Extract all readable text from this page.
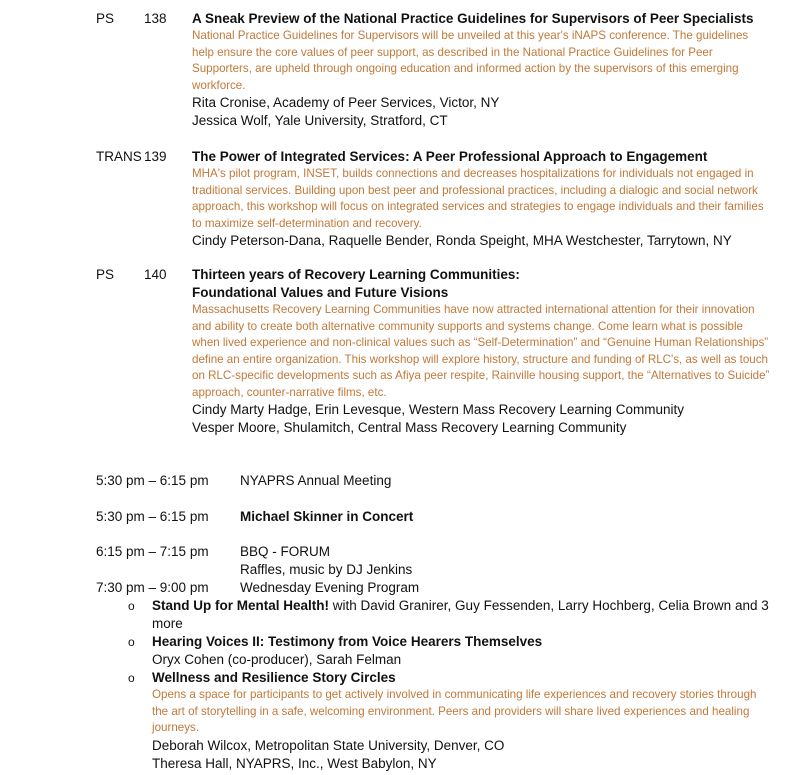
PS 138 A Sneak Preview of the National Practice Guidelines for Supervisors of Peer Specialists
National Practice Guidelines for Supervisors will be unveiled at this year's iNAPS conference. The guidelines help ensure the core values of peer support, as described in the National Practice Guidelines for Peer Supporters, are upheld through ongoing education and informed action by the supervisors of this emerging workforce.
Rita Cronise, Academy of Peer Services, Victor, NY
Jessica Wolf, Yale University, Stratford, CT
TRANS 139 The Power of Integrated Services: A Peer Professional Approach to Engagement
MHA's pilot program, INSET, builds connections and decreases hospitalizations for individuals not engaged in traditional services. Building upon best peer and professional practices, including a dialogic and social network approach, this workshop will focus on integrated services and strategies to engage individuals and their families to maximize self-determination and recovery.
Cindy Peterson-Dana, Raquelle Bender, Ronda Speight, MHA Westchester, Tarrytown, NY
PS 140 Thirteen years of Recovery Learning Communities:
Foundational Values and Future Visions
Massachusetts Recovery Learning Communities have now attracted international attention for their innovation and ability to create both alternative community supports and systems change. Come learn what is possible when lived experience and non-clinical values such as “Self-Determination” and “Genuine Human Relationships” define an entire organization. This workshop will explore history, structure and funding of RLC's, as well as touch on RLC-specific developments such as Afiya peer respite, Rainville housing support, the “Alternatives to Suicide” approach, counter-narrative films, etc.
Cindy Marty Hadge, Erin Levesque, Western Mass Recovery Learning Community
Vesper Moore, Shulamitch, Central Mass Recovery Learning Community
5:30 pm – 6:15 pm NYAPRS Annual Meeting
5:30 pm – 6:15 pm Michael Skinner in Concert
6:15 pm – 7:15 pm BBQ - FORUM
Raffles, music by DJ Jenkins
7:30 pm – 9:00 pm Wednesday Evening Program
o Stand Up for Mental Health! with David Granirer, Guy Fessenden, Larry Hochberg, Celia Brown and 3 more
o Hearing Voices II: Testimony from Voice Hearers Themselves
Oryx Cohen (co-producer), Sarah Felman
o Wellness and Resilience Story Circles
Opens a space for participants to get actively involved in communicating life experiences and recovery stories through the art of storytelling in a safe, welcoming environment. Peers and providers will share lived experiences and healing journeys.
Deborah Wilcox, Metropolitan State University, Denver, CO
Theresa Hall, NYAPRS, Inc., West Babylon, NY
